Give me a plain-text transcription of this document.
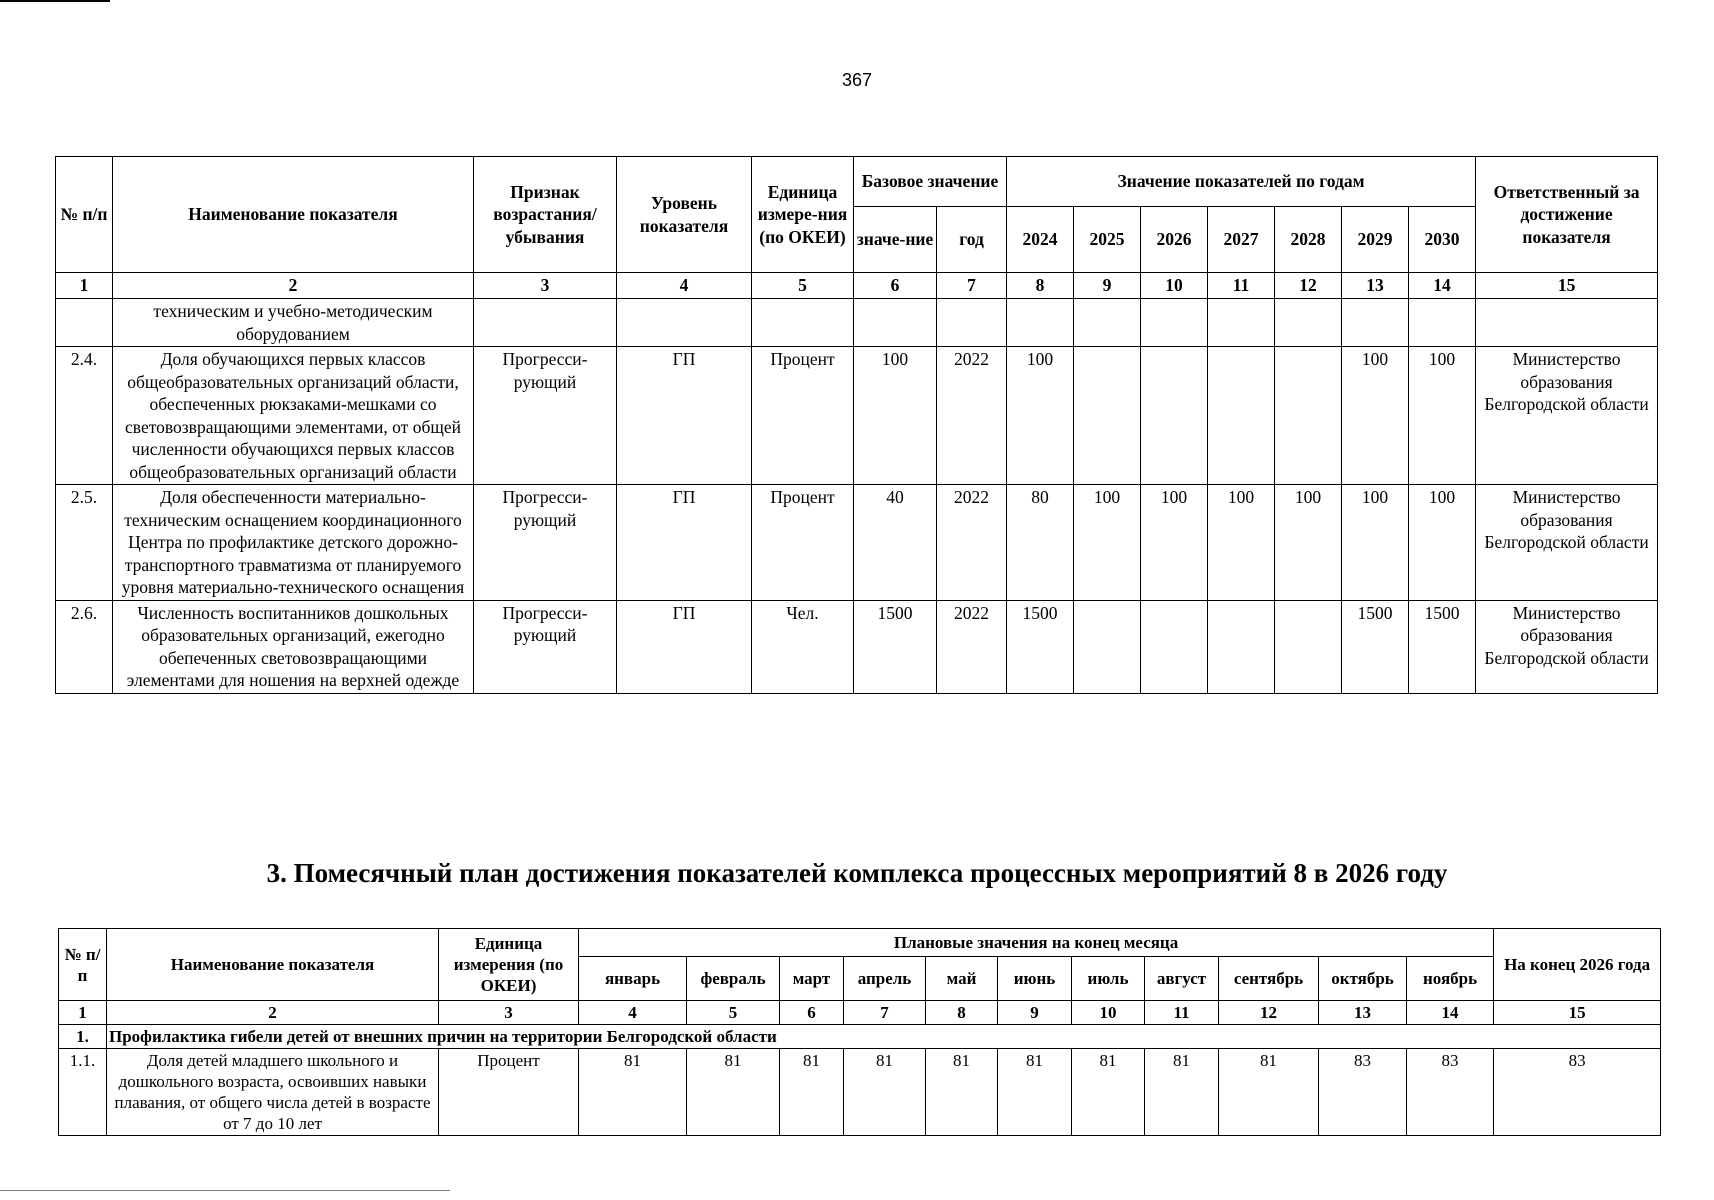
367
№ п/п	Наименование показателя	Признак возрастания/ убывания	Уровень показателя	Единица измере-ния (по ОКЕИ)	Базовое значение		Значение показателей по годам							Ответственный за достижение показателя
					значе-ние	год	2024	2025	2026	2027	2028	2029	2030	
1	2	3	4	5	6	7	8	9	10	11	12	13	14	15
	техническим и учебно-методическим оборудованием													
2.4.	Доля обучающихся первых классов общеобразовательных организаций области, обеспеченных рюкзаками-мешками со световозвращающими элементами, от общей численности обучающихся первых классов общеобразовательных организаций области	Прогресси-рующий	ГП	Процент	100	2022	100					100	100	Министерство образования Белгородской области
2.5.	Доля обеспеченности материально-техническим оснащением координационного Центра по профилактике детского дорожно-транспортного травматизма от планируемого уровня материально-технического оснащения	Прогресси-рующий	ГП	Процент	40	2022	80	100	100	100	100	100	100	Министерство образования Белгородской области
2.6.	Численность воспитанников дошкольных образовательных организаций, ежегодно обепеченных световозвращающими элементами для ношения на верхней одежде	Прогресси-рующий	ГП	Чел.	1500	2022	1500					1500	1500	Министерство образования Белгородской области
3. Помесячный план достижения показателей комплекса процессных мероприятий 8 в 2026 году
№ п/п	Наименование показателя	Единица измерения (по ОКЕИ)	Плановые значения на конец месяца											На конец 2026 года
			январь	февраль	март	апрель	май	июнь	июль	август	сентябрь	октябрь	ноябрь	
1	2	3	4	5	6	7	8	9	10	11	12	13	14	15
1.	Профилактика гибели детей от внешних причин на территории Белгородской области													
1.1.	Доля детей младшего школьного и дошкольного возраста, освоивших навыки плавания, от общего числа детей в возрасте от 7 до 10 лет	Процент	81	81	81	81	81	81	81	81	81	83	83	83
